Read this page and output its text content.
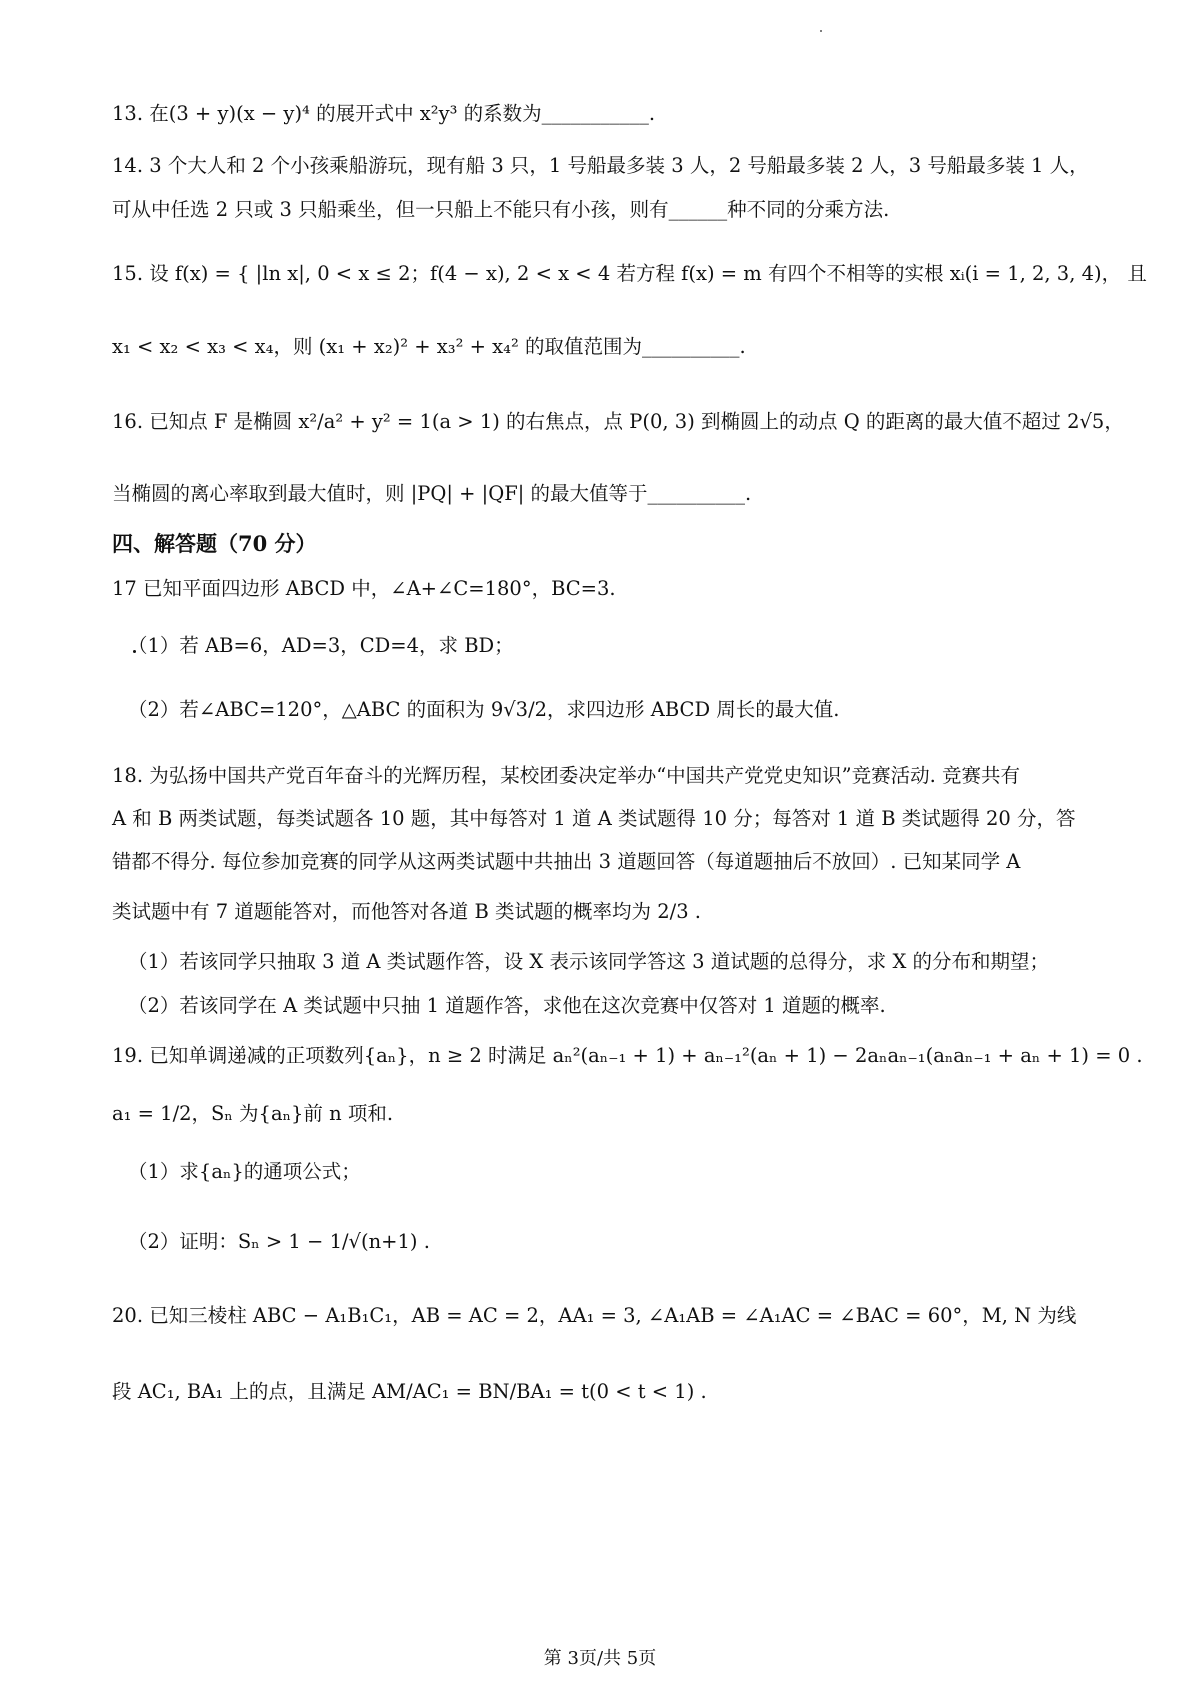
13. 在(3 + y)(x − y)⁴ 的展开式中 x²y³ 的系数为___________.
14. 3 个大人和 2 个小孩乘船游玩，现有船 3 只，1 号船最多装 3 人，2 号船最多装 2 人，3 号船最多装 1 人，
可从中任选 2 只或 3 只船乘坐，但一只船上不能只有小孩，则有______种不同的分乘方法.
15. 设 f(x) = { |ln x|, 0 < x ≤ 2；f(4 − x), 2 < x < 4 若方程 f(x) = m 有四个不相等的实根 xᵢ(i = 1, 2, 3, 4)， 且
x₁ < x₂ < x₃ < x₄，则 (x₁ + x₂)² + x₃² + x₄² 的取值范围为__________.
16. 已知点 F 是椭圆 x²/a² + y² = 1(a > 1) 的右焦点，点 P(0, 3) 到椭圆上的动点 Q 的距离的最大值不超过 2√5，
当椭圆的离心率取到最大值时，则 |PQ| + |QF| 的最大值等于__________.
四、解答题（70 分）
17 已知平面四边形 ABCD 中，∠A+∠C=180°，BC=3.
（1）若 AB=6，AD=3，CD=4，求 BD；
（2）若∠ABC=120°，△ABC 的面积为 9√3/2，求四边形 ABCD 周长的最大值.
18. 为弘扬中国共产党百年奋斗的光辉历程，某校团委决定举办“中国共产党党史知识”竞赛活动. 竞赛共有
A 和 B 两类试题，每类试题各 10 题，其中每答对 1 道 A 类试题得 10 分；每答对 1 道 B 类试题得 20 分，答
错都不得分. 每位参加竞赛的同学从这两类试题中共抽出 3 道题回答（每道题抽后不放回）. 已知某同学 A
类试题中有 7 道题能答对，而他答对各道 B 类试题的概率均为 2/3 .
（1）若该同学只抽取 3 道 A 类试题作答，设 X 表示该同学答这 3 道试题的总得分，求 X 的分布和期望；
（2）若该同学在 A 类试题中只抽 1 道题作答，求他在这次竞赛中仅答对 1 道题的概率.
19. 已知单调递减的正项数列{aₙ}，n ≥ 2 时满足 aₙ²(aₙ₋₁ + 1) + aₙ₋₁²(aₙ + 1) − 2aₙaₙ₋₁(aₙaₙ₋₁ + aₙ + 1) = 0 .
a₁ = 1/2，Sₙ 为{aₙ}前 n 项和.
（1）求{aₙ}的通项公式；
（2）证明：Sₙ > 1 − 1/√(n+1) .
20. 已知三棱柱 ABC − A₁B₁C₁，AB = AC = 2，AA₁ = 3, ∠A₁AB = ∠A₁AC = ∠BAC = 60°，M, N 为线
段 AC₁, BA₁ 上的点，且满足 AM/AC₁ = BN/BA₁ = t(0 < t < 1) .
第 3页/共 5页
